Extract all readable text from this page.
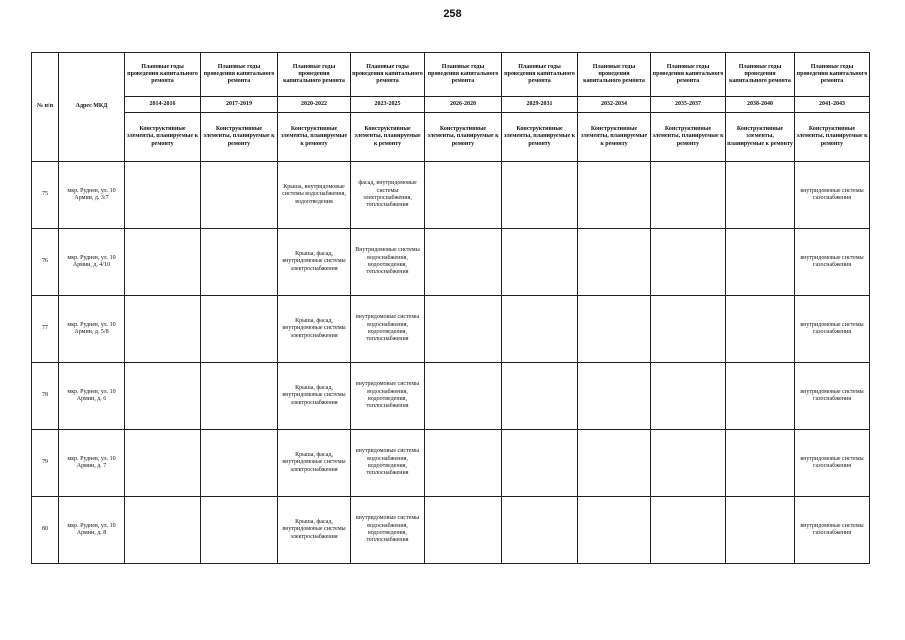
258
№ п/п	Адрес МКД	Плановые годы проведения капитального ремонта	Плановые годы проведения капитального ремонта	Плановые годы проведения капитального ремонта	Плановые годы проведения капитального ремонта	Плановые годы проведения капитального ремонта	Плановые годы проведения капитального ремонта	Плановые годы проведения капитального ремонта	Плановые годы проведения капитального ремонта	Плановые годы проведения капитального ремонта	Плановые годы проведения капитального ремонта
		2014-2016	2017-2019	2020-2022	2023-2025	2026-2028	2029-2031	2032-2034	2035-2037	2038-2040	2041-2043
		Конструктивные элементы, планируемые к ремонту	Конструктивные элементы, планируемые к ремонту	Конструктивные элементы, планируемые к ремонту	Конструктивные элементы, планируемые к ремонту	Конструктивные элементы, планируемые к ремонту	Конструктивные элементы, планируемые к ремонту	Конструктивные элементы, планируемые к ремонту	Конструктивные элементы, планируемые к ремонту	Конструктивные элементы, планируемые к ремонту	Конструктивные элементы, планируемые к ремонту
75	мкр. Руднев, ул. 10 Армии, д. 3/7			Крыша, внутридомовые системы водоснабжения, водоотведения	фасад, внутридомовые системы электроснабжения, теплоснабжения						внутридомовые системы газоснабжения
76	мкр. Руднев, ул. 10 Армии, д. 4/10			Крыша, фасад, внутридомовые системы электроснабжения	Внутридомовые системы водоснабжения, водоотведения, теплоснабжения						внутридомовые системы газоснабжения
77	мкр. Руднев, ул. 10 Армии, д. 5/8			Крыша, фасад, внутридомовые системы электроснабжения	внутридомовые системы водоснабжения, водоотведения, теплоснабжения						внутридомовые системы газоснабжения
78	мкр. Руднев, ул. 10 Армии, д. 6			Крыша, фасад, внутридомовые системы электроснабжения	внутридомовые системы водоснабжения, водоотведения, теплоснабжения						внутридомовые системы газоснабжения
79	мкр. Руднев, ул. 10 Армии, д. 7			Крыша, фасад, внутридомовые системы электроснабжения	внутридомовые системы водоснабжения, водоотведения, теплоснабжения						внутридомовые системы газоснабжения
80	мкр. Руднев, ул. 10 Армии, д. 8			Крыша, фасад, внутридомовые системы электроснабжения	внутридомовые системы водоснабжения, водоотведения, теплоснабжения						внутридомовые системы газоснабжения
